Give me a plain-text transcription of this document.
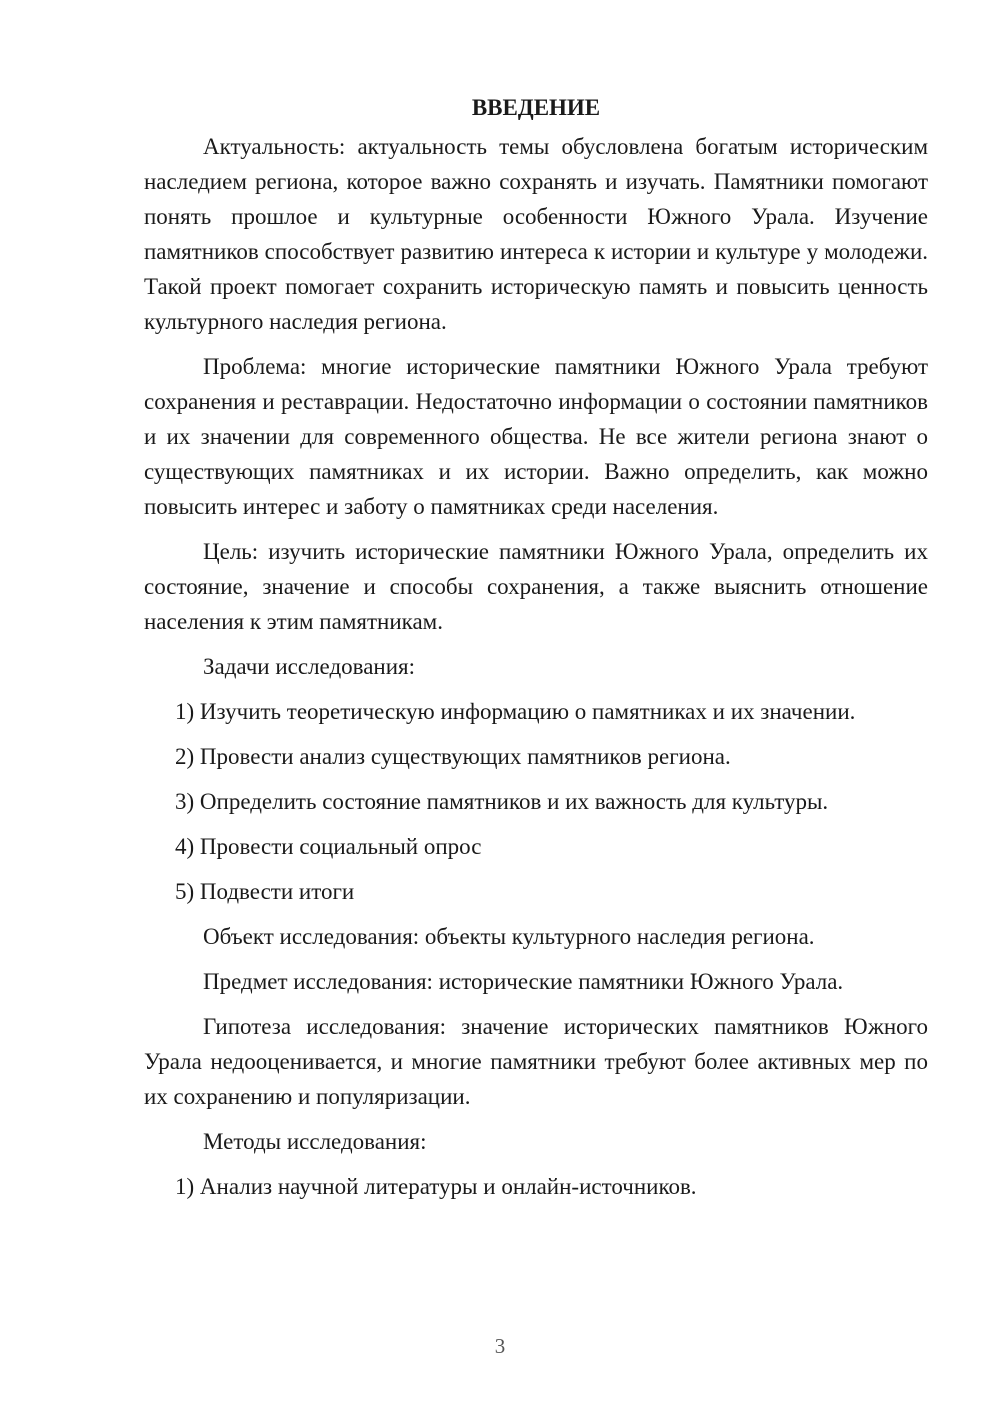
ВВЕДЕНИЕ

Актуальность: актуальность темы обусловлена богатым историческим наследием региона, которое важно сохранять и изучать. Памятники помогают понять прошлое и культурные особенности Южного Урала. Изучение памятников способствует развитию интереса к истории и культуре у молодежи. Такой проект помогает сохранить историческую память и повысить ценность культурного наследия региона.

Проблема: многие исторические памятники Южного Урала требуют сохранения и реставрации. Недостаточно информации о состоянии памятников и их значении для современного общества. Не все жители региона знают о существующих памятниках и их истории. Важно определить, как можно повысить интерес и заботу о памятниках среди населения.

Цель: изучить исторические памятники Южного Урала, определить их состояние, значение и способы сохранения, а также выяснить отношение населения к этим памятникам.

Задачи исследования:

1) Изучить теоретическую информацию о памятниках и их значении.
2) Провести анализ существующих памятников региона.
3) Определить состояние памятников и их важность для культуры.
4) Провести социальный опрос
5) Подвести итоги

Объект исследования: объекты культурного наследия региона.

Предмет исследования: исторические памятники Южного Урала.

Гипотеза исследования: значение исторических памятников Южного Урала недооценивается, и многие памятники требуют более активных мер по их сохранению и популяризации.

Методы исследования:

1) Анализ научной литературы и онлайн-источников.
3
